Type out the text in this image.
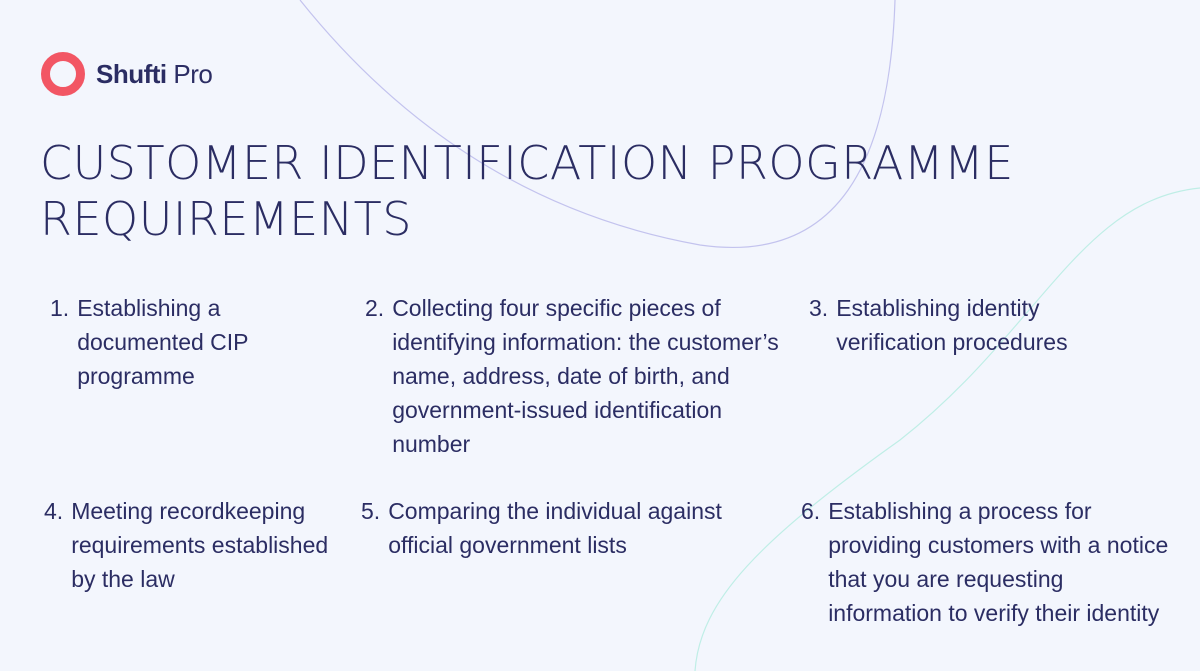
Shufti Pro
CUSTOMER IDENTIFICATION PROGRAMME
REQUIREMENTS
1. Establishing a documented CIP programme
2. Collecting four specific pieces of identifying information: the customer’s name, address, date of birth, and government-issued identification number
3. Establishing identity verification procedures
4. Meeting recordkeeping requirements established by the law
5. Comparing the individual against official government lists
6. Establishing a process for providing customers with a notice that you are requesting information to verify their identity
